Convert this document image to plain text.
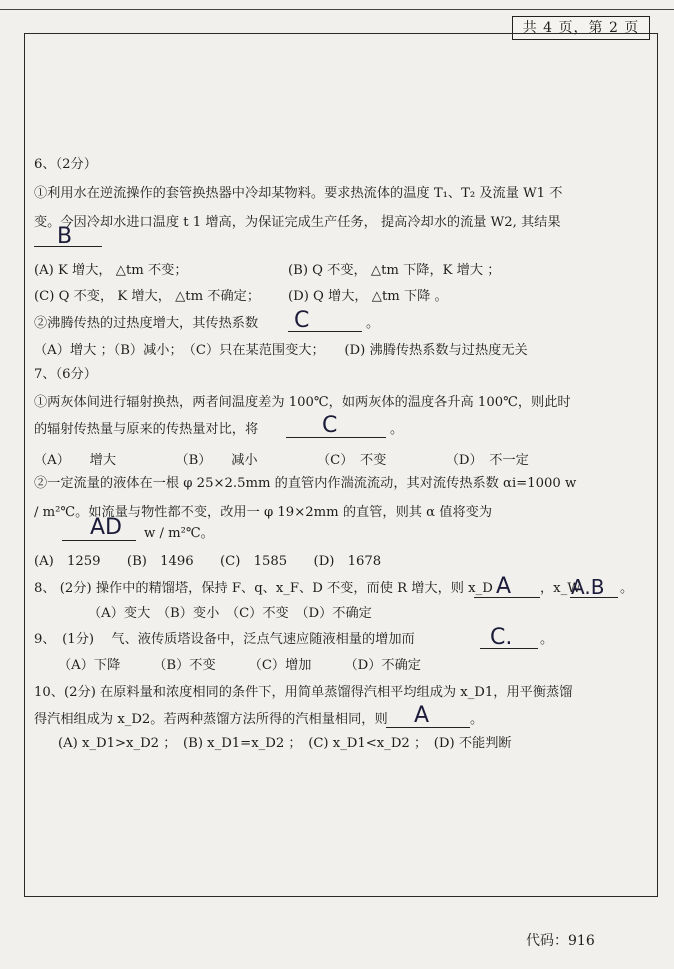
共 4 页，第 2 页
6、（2分）
①利用水在逆流操作的套管换热器中冷却某物料。要求热流体的温度 T₁、T₂ 及流量 W1 不
变。今因冷却水进口温度 t 1 增高，为保证完成生产任务， 提高冷却水的流量 W2, 其结果
B
(A) K 增大， △tm 不变；	(B) Q 不变， △tm 下降，K 增大 ；
(C) Q 不变， K 增大， △tm 不确定； (D) Q 增大， △tm 下降 。
②沸腾传热的过热度增大，其传热系数 C	。
（A）增大 ；（B）减小；　（C）只在某范围变大；　　(D) 沸腾传热系数与过热度无关
7、（6分）
①两灰体间进行辐射换热，两者间温度差为 100℃，如两灰体的温度各升高 100℃，则此时
的辐射传热量与原来的传热量对比，将	C	。
（A）　　增大　　　　　（B）　　减小　　　　　（C）　不变　　　　　（D）　不一定
②一定流量的液体在一根 φ 25×2.5mm 的直管内作湍流流动，其对流传热系数 αi=1000 w
/ m²℃。如流量与物性都不变，改用一 φ 19×2mm 的直管，则其 α 值将变为
AD w / m²℃。
(A)　1259　　(B)　1496　　(C)　1585　　(D)　1678
8、 (2分) 操作中的精馏塔，保持 F、q、x_F、D 不变，而使 R 增大，则 x_D A ，x_W
A.B 。
（A）变大　（B）变小　（C）不变　（D）不确定
9、　(1分)　 气、液传质塔设备中，泛点气速应随液相量的增加而	C. 。
（A）下降　　　（B）不变　　　（C）增加　　　（D）不确定
10、(2分) 在原料量和浓度相同的条件下，用简单蒸馏得汽相平均组成为 x_D1，用平衡蒸馏
得汽相组成为 x_D2。若两种蒸馏方法所得的汽相量相同，则 A	。
(A) x_D1>x_D2 ；　(B) x_D1=x_D2 ；　(C) x_D1<x_D2 ；　(D) 不能判断
代码：916
